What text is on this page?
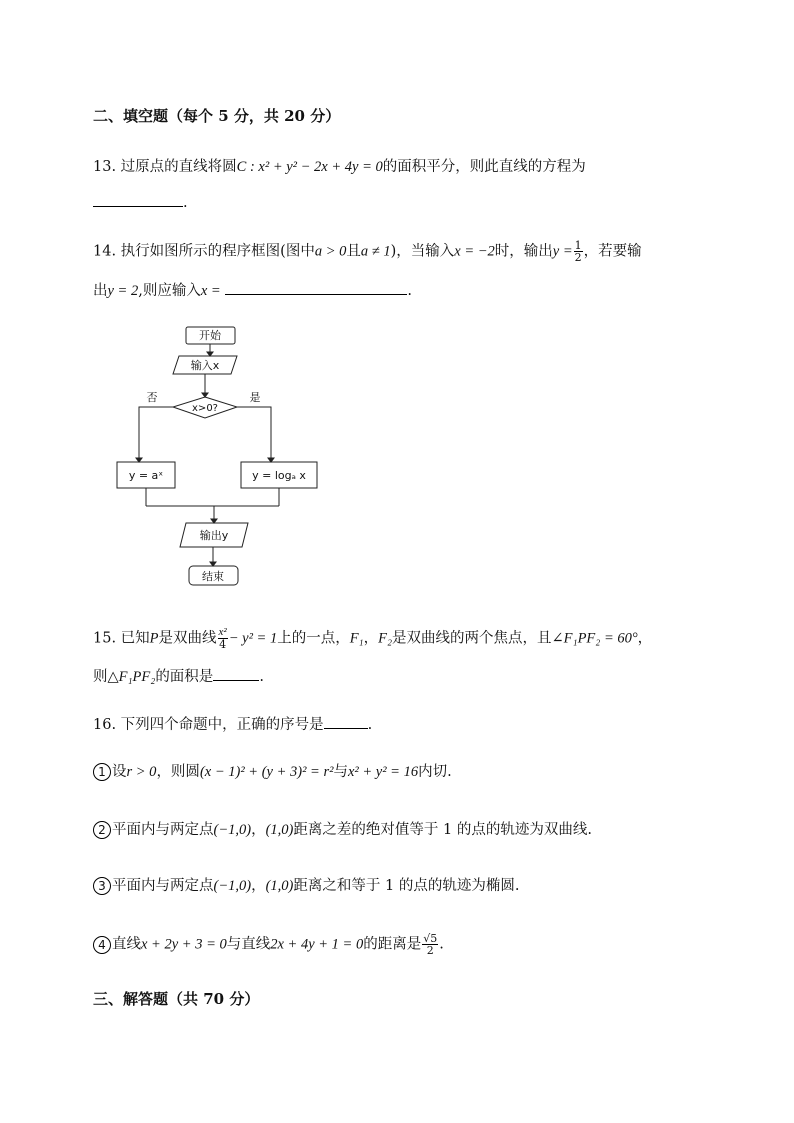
二、填空题（每个 5 分，共 20 分）
13. 过原点的直线将圆C : x² + y² − 2x + 4y = 0的面积平分，则此直线的方程为
.
14. 执行如图所示的程序框图(图中a > 0且a ≠ 1)，当输入x = −2时，输出$y = \frac{1}{2}$ ，若要输
出y = 2,则应输入x =	.
开始
输入x
x>0?
否	是
y = aˣ	y = logₐ x
输出y
结束
15. 已知P是双曲线 $\frac{\text{x²}}{4} - y^2 = 1$上的一点，F₁，F₂是双曲线的两个焦点，且∠F₁PF₂ = 60°，
则△F₁PF₂的面积是	.
16. 下列四个命题中，正确的序号是	.
1 设r > 0，则圆(x − 1)² + (y + 3)² = r²与x² + y² = 16内切.
2 平面内与两定点(−1,0)，(1,0)距离之差的绝对值等于 1 的点的轨迹为双曲线.
3 平面内与两定点(−1,0)，(1,0)距离之和等于 1 的点的轨迹为椭圆.
4 直线x + 2y + 3 = 0与直线2x + 4y + 1 = 0的距离是 $\frac{√5}{2}$ .
三、解答题（共 70 分）
